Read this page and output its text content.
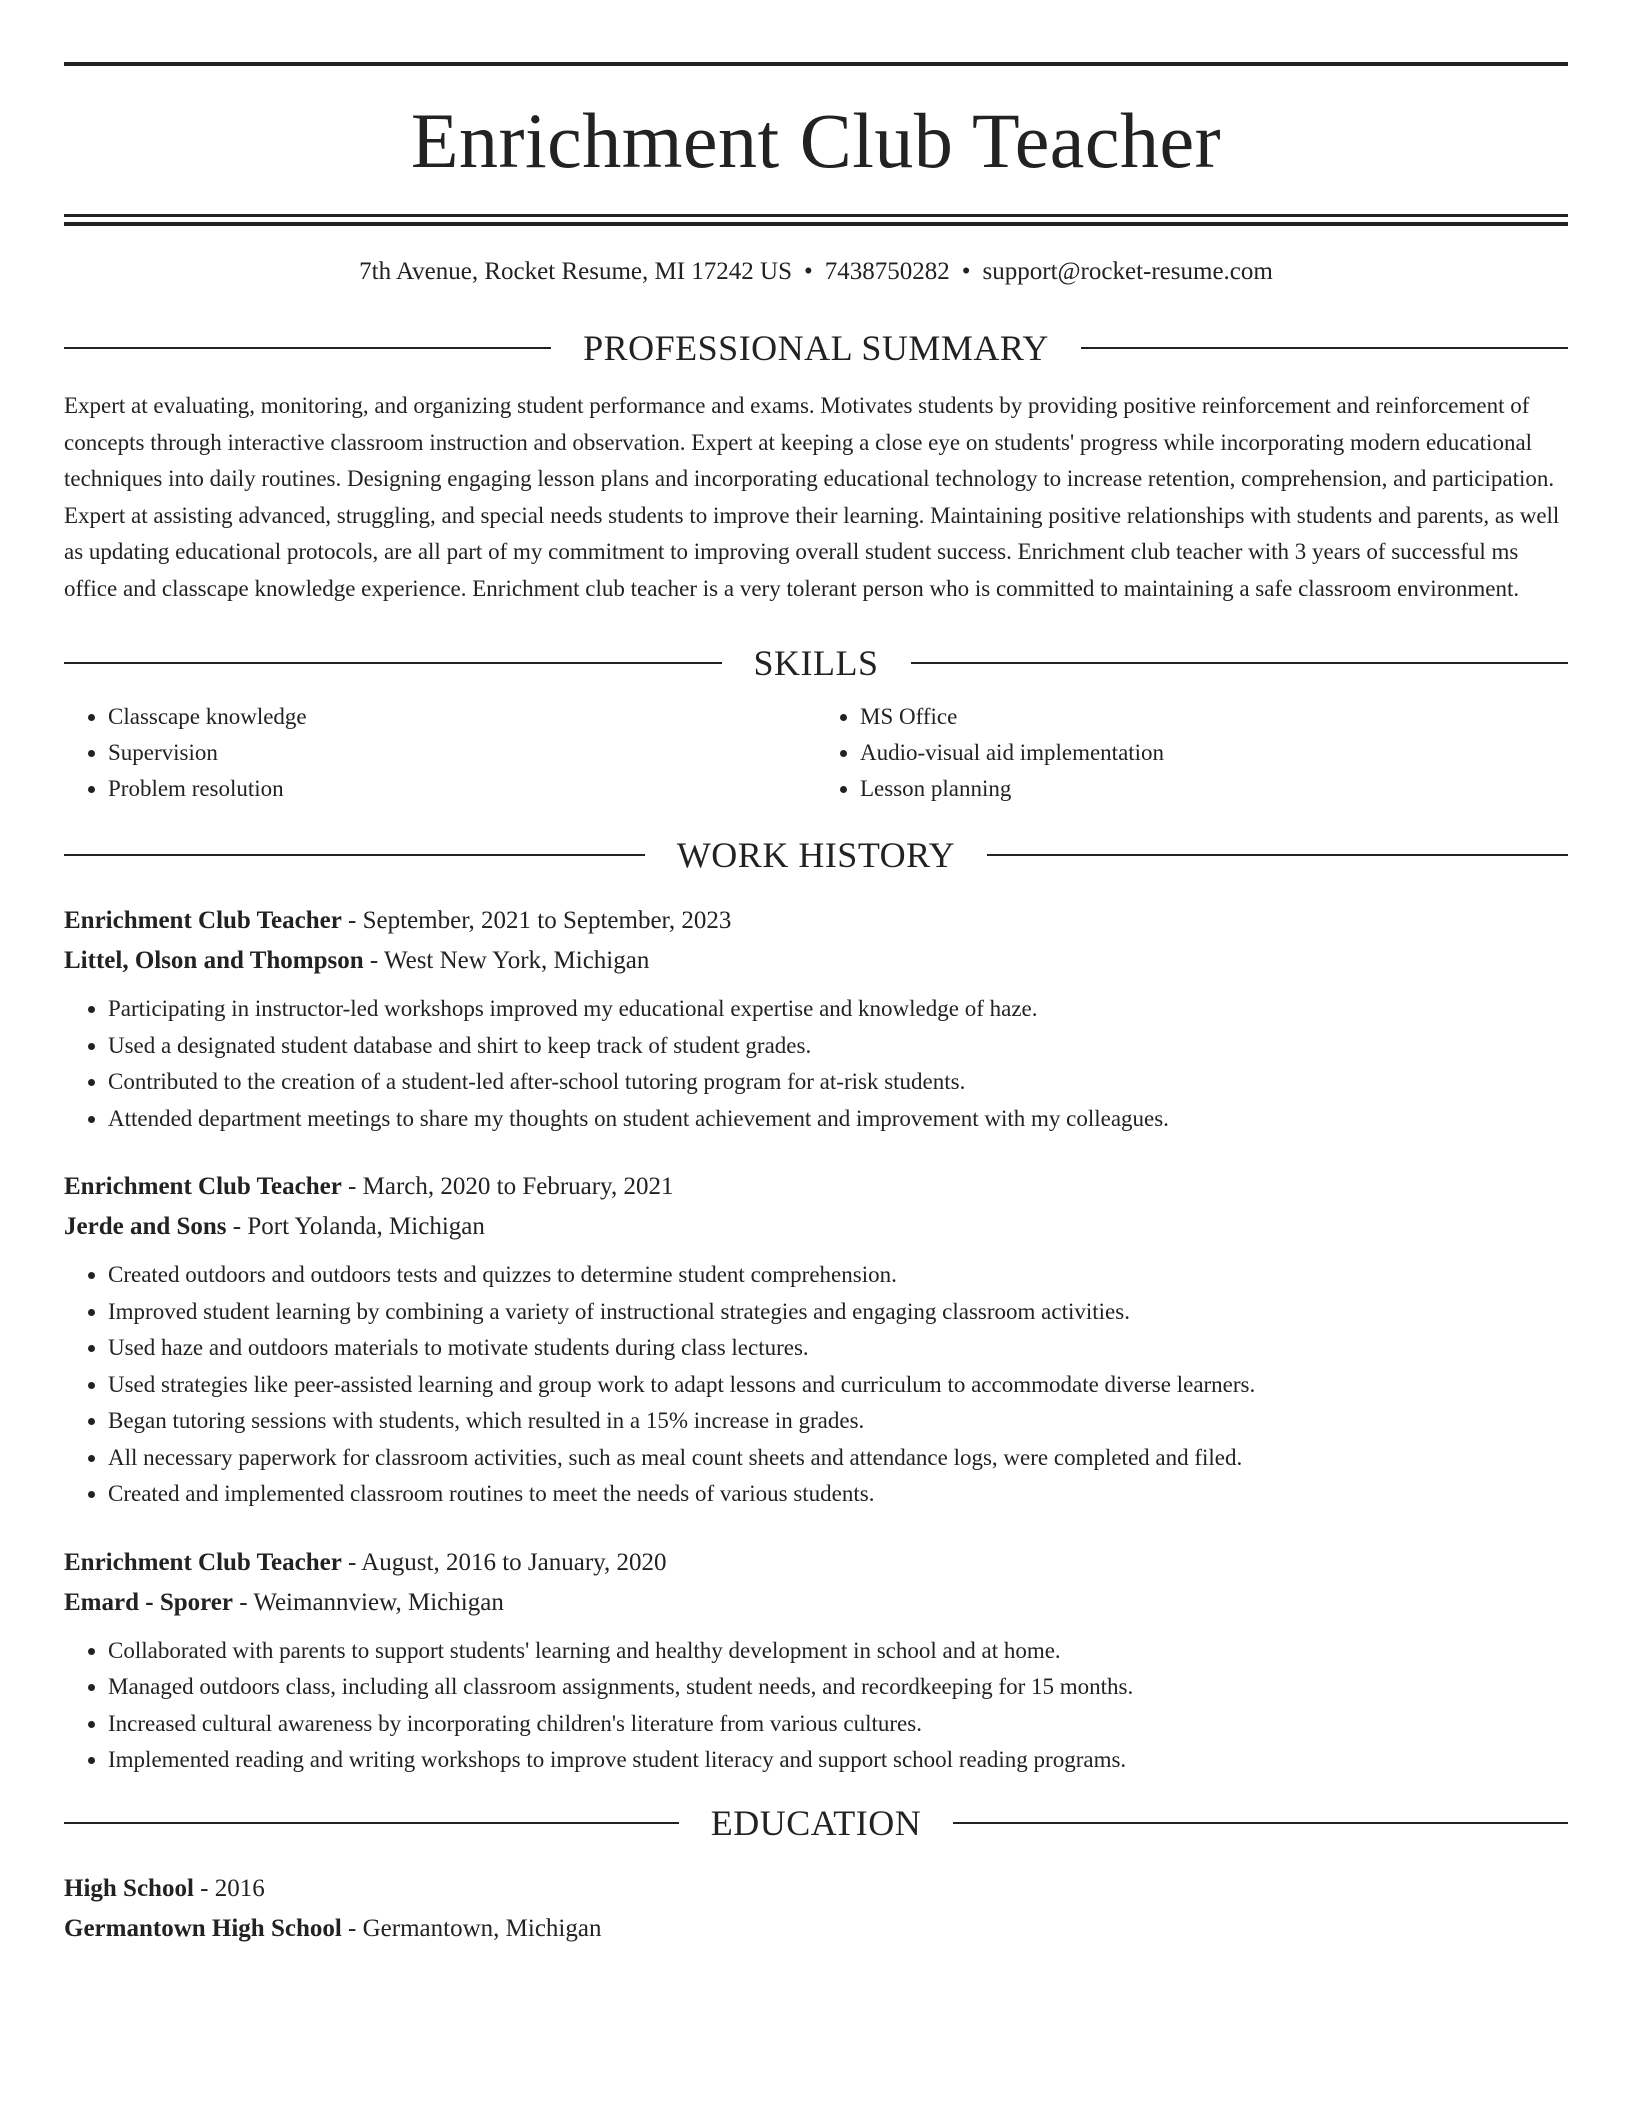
Enrichment Club Teacher
7th Avenue, Rocket Resume, MI 17242 US • 7438750282 • support@rocket-resume.com
PROFESSIONAL SUMMARY
Expert at evaluating, monitoring, and organizing student performance and exams. Motivates students by providing positive reinforcement and reinforcement of concepts through interactive classroom instruction and observation. Expert at keeping a close eye on students' progress while incorporating modern educational techniques into daily routines. Designing engaging lesson plans and incorporating educational technology to increase retention, comprehension, and participation. Expert at assisting advanced, struggling, and special needs students to improve their learning. Maintaining positive relationships with students and parents, as well as updating educational protocols, are all part of my commitment to improving overall student success. Enrichment club teacher with 3 years of successful ms office and classcape knowledge experience. Enrichment club teacher is a very tolerant person who is committed to maintaining a safe classroom environment.
SKILLS
• Classcape knowledge
• Supervision
• Problem resolution
• MS Office
• Audio-visual aid implementation
• Lesson planning
WORK HISTORY
Enrichment Club Teacher - September, 2021 to September, 2023
Littel, Olson and Thompson - West New York, Michigan
• Participating in instructor-led workshops improved my educational expertise and knowledge of haze.
• Used a designated student database and shirt to keep track of student grades.
• Contributed to the creation of a student-led after-school tutoring program for at-risk students.
• Attended department meetings to share my thoughts on student achievement and improvement with my colleagues.
Enrichment Club Teacher - March, 2020 to February, 2021
Jerde and Sons - Port Yolanda, Michigan
• Created outdoors and outdoors tests and quizzes to determine student comprehension.
• Improved student learning by combining a variety of instructional strategies and engaging classroom activities.
• Used haze and outdoors materials to motivate students during class lectures.
• Used strategies like peer-assisted learning and group work to adapt lessons and curriculum to accommodate diverse learners.
• Began tutoring sessions with students, which resulted in a 15% increase in grades.
• All necessary paperwork for classroom activities, such as meal count sheets and attendance logs, were completed and filed.
• Created and implemented classroom routines to meet the needs of various students.
Enrichment Club Teacher - August, 2016 to January, 2020
Emard - Sporer - Weimannview, Michigan
• Collaborated with parents to support students' learning and healthy development in school and at home.
• Managed outdoors class, including all classroom assignments, student needs, and recordkeeping for 15 months.
• Increased cultural awareness by incorporating children's literature from various cultures.
• Implemented reading and writing workshops to improve student literacy and support school reading programs.
EDUCATION
High School - 2016
Germantown High School - Germantown, Michigan
